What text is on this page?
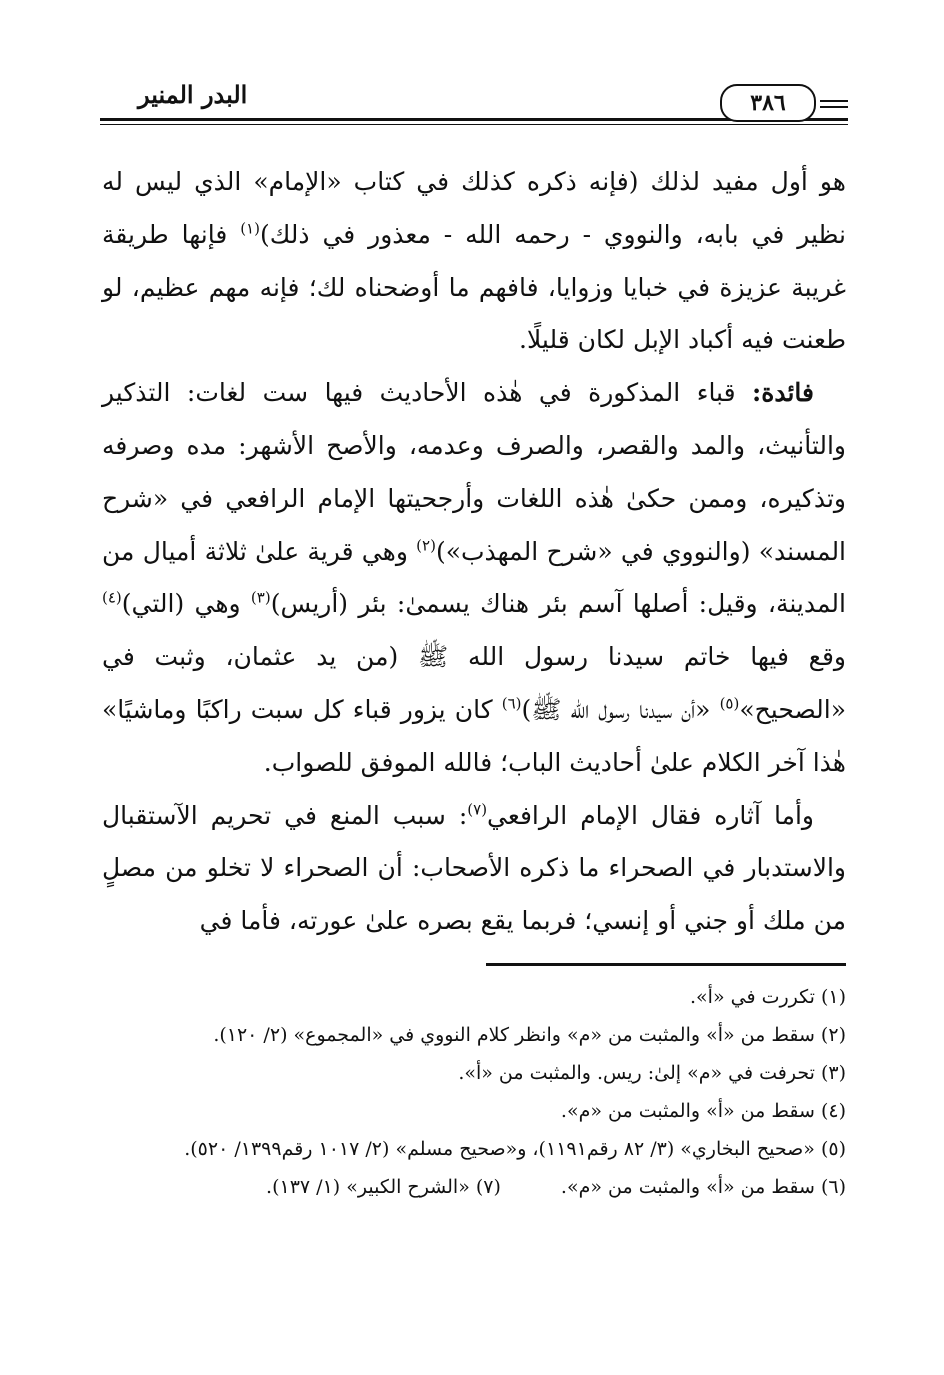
البدر المنير	٣٨٦

هو أول مفيد لذلك (فإنه ذكره كذلك في كتاب «الإمام» الذي ليس له نظير في بابه، والنووي - رحمه الله - معذور في ذلك)$^{(١)}$ فإنها طريقة غريبة عزيزة في خبايا وزوايا، فافهم ما أوضحناه لك؛ فإنه مهم عظيم، لو طعنت فيه أكباد الإبل لكان قليلًا.

فائدة: قباء المذكورة في هٰذه الأحاديث فيها ست لغات: التذكير والتأنيث، والمد والقصر، والصرف وعدمه، والأصح الأشهر: مده وصرفه وتذكيره، وممن حكىٰ هٰذه اللغات وأرجحيتها الإمام الرافعي في «شرح المسند» (والنووي في «شرح المهذب»)$^{(٢)}$ وهي قرية علىٰ ثلاثة أميال من المدينة، وقيل: أصلها آسم بئر هناك يسمىٰ: بئر (أريس)$^{(٣)}$ وهي (التي)$^{(٤)}$ وقع فيها خاتم سيدنا رسول الله ﷺ (من يد عثمان، وثبت في «الصحيح»$^{(٥)}$ «أن سيدنا رسول الله ﷺ)$^{(٦)}$ كان يزور قباء كل سبت راكبًا وماشيًا» هٰذا آخر الكلام علىٰ أحاديث الباب؛ فالله الموفق للصواب.

وأما آثاره فقال الإمام الرافعي$^{(٧)}$: سبب المنع في تحريم الآستقبال والاستدبار في الصحراء ما ذكره الأصحاب: أن الصحراء لا تخلو من مصلٍ من ملك أو جني أو إنسي؛ فربما يقع بصره علىٰ عورته، فأما في

(١) تكررت في «أ».

(٢) سقط من «أ» والمثبت من «م» وانظر كلام النووي في «المجموع» (٢/ ١٢٠).

(٣) تحرفت في «م» إلىٰ: ريس. والمثبت من «أ».

(٤) سقط من «أ» والمثبت من «م».

(٥) «صحيح البخاري» (٣/ ٨٢ رقم١١٩١)، و«صحيح مسلم» (٢/ ١٠١٧ رقم١٣٩٩/ ٥٢٠).

(٦) سقط من «أ» والمثبت من «م».
(٧) «الشرح الكبير» (١/ ١٣٧).
